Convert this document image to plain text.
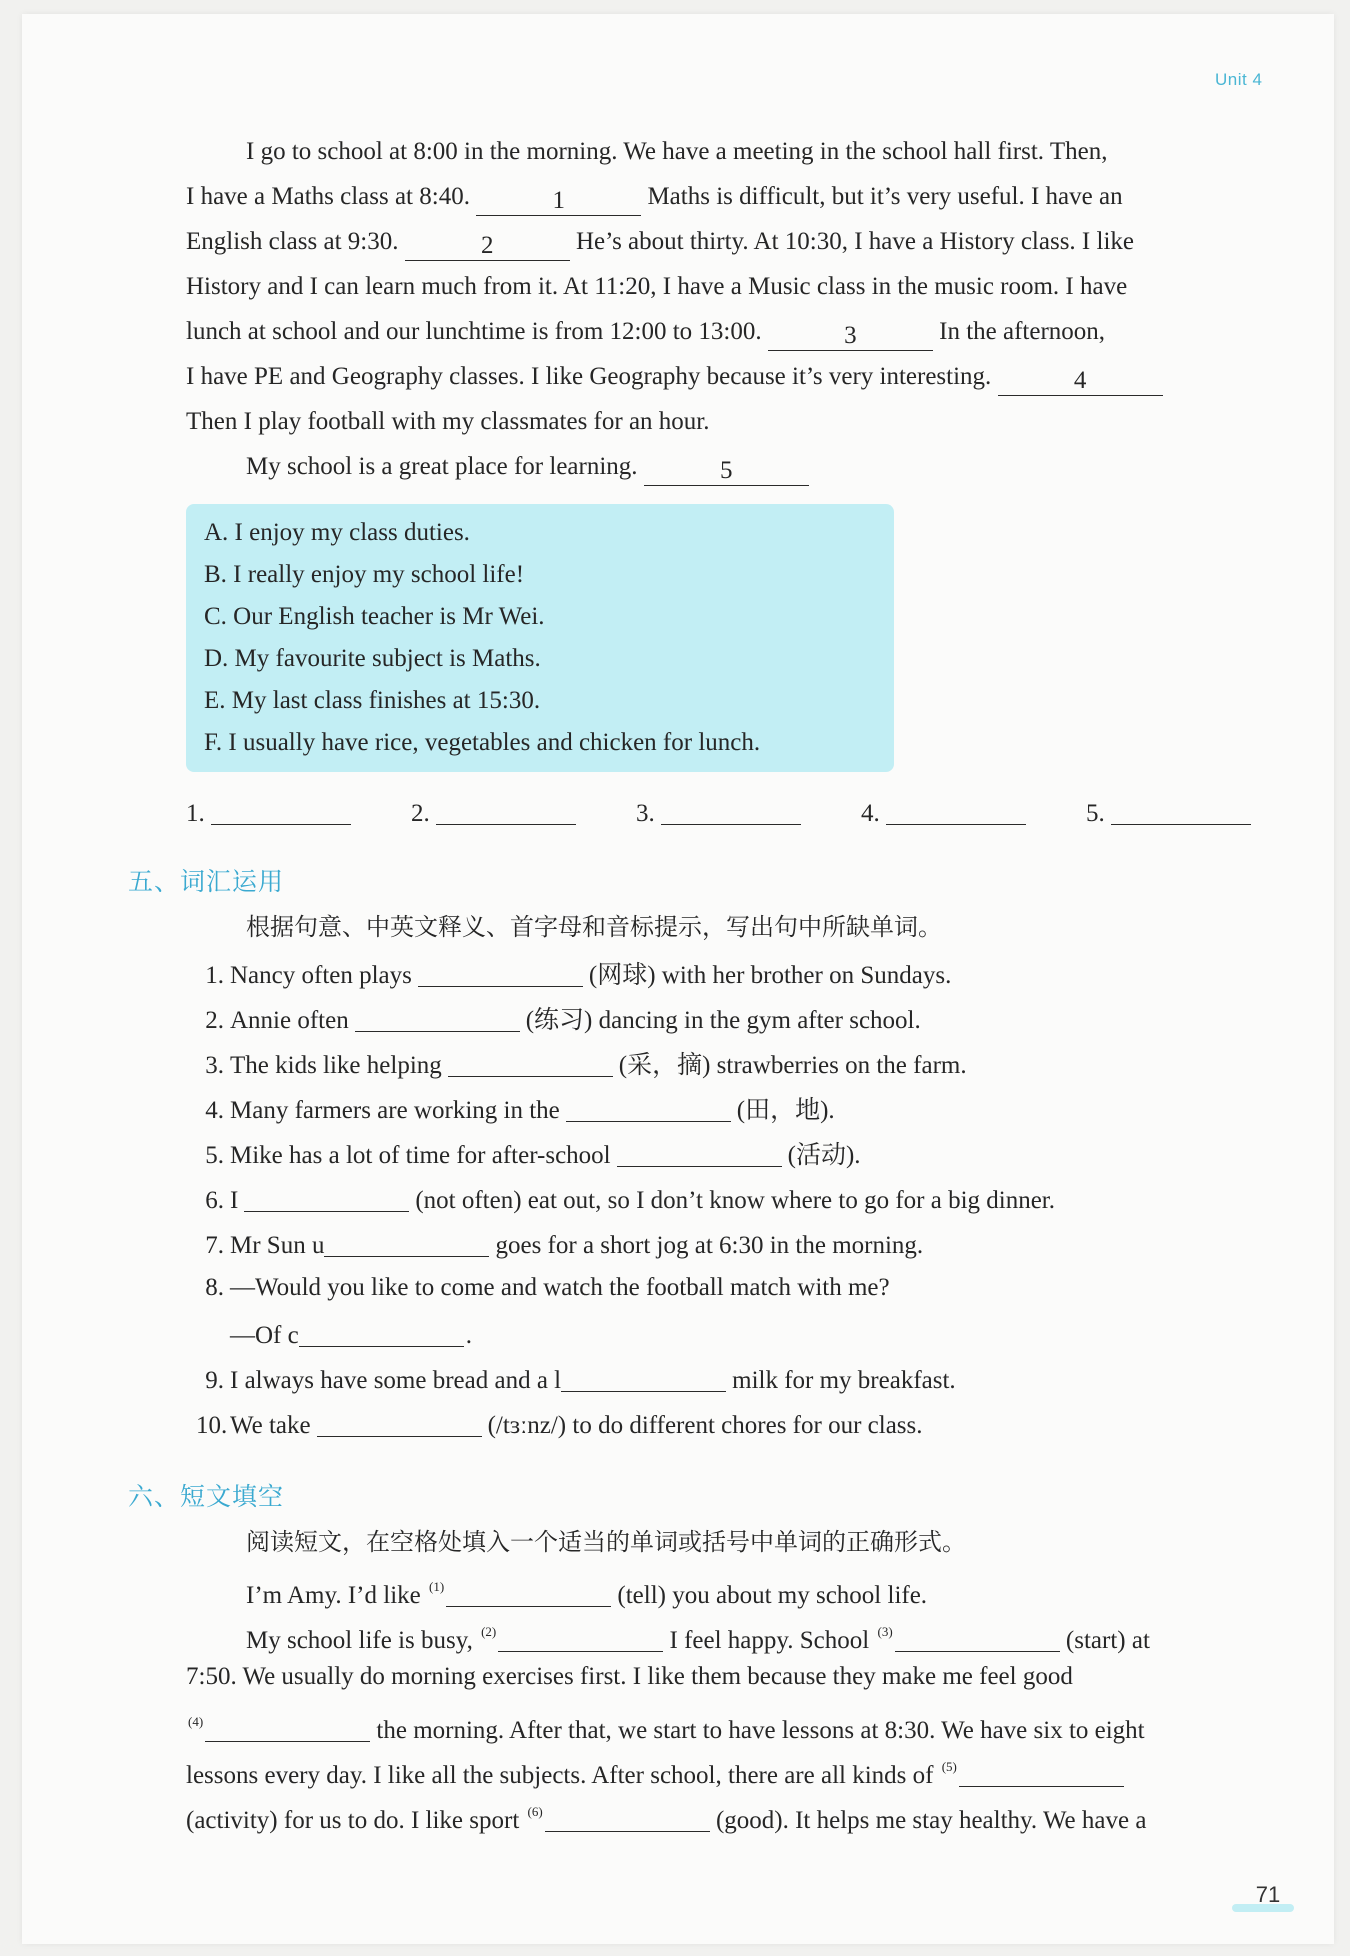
Unit 4
I go to school at 8:00 in the morning. We have a meeting in the school hall first. Then,
I have a Maths class at 8:40.	1	Maths is difficult, but it’s very useful. I have an
English class at 9:30.	2	He’s about thirty. At 10:30, I have a History class. I like
History and I can learn much from it. At 11:20, I have a Music class in the music room. I have
lunch at school and our lunchtime is from 12:00 to 13:00.	3	In the afternoon,
I have PE and Geography classes. I like Geography because it’s very interesting.	4
Then I play football with my classmates for an hour.
My school is a great place for learning.	5
A. I enjoy my class duties.
B. I really enjoy my school life!
C. Our English teacher is Mr Wei.
D. My favourite subject is Maths.
E. My last class finishes at 15:30.
F. I usually have rice, vegetables and chicken for lunch.
1.	2.	3.	4.	5.
五、词汇运用
根据句意、中英文释义、首字母和音标提示，写出句中所缺单词。
1. Nancy often plays	(网球) with her brother on Sundays.
2. Annie often	(练习) dancing in the gym after school.
3. The kids like helping	(采，摘) strawberries on the farm.
4. Many farmers are working in the	(田，地).
5. Mike has a lot of time for after-school	(活动).
6. I	(not often) eat out, so I don’t know where to go for a big dinner.
7. Mr Sun u	goes for a short jog at 6:30 in the morning.
8. —Would you like to come and watch the football match with me?
—Of c	.
9. I always have some bread and a l	milk for my breakfast.
10. We take	(/tɜːnz/) to do different chores for our class.
六、短文填空
阅读短文，在空格处填入一个适当的单词或括号中单词的正确形式。
I’m Amy. I’d like $^{(1)}$	(tell) you about my school life.
My school life is busy, $^{(2)}$	I feel happy. School $^{(3)}$	(start) at
7:50. We usually do morning exercises first. I like them because they make me feel good
$^{(4)}$	the morning. After that, we start to have lessons at 8:30. We have six to eight
lessons every day. I like all the subjects. After school, there are all kinds of $^{(5)}$
(activity) for us to do. I like sport $^{(6)}$	(good). It helps me stay healthy. We have a
71
